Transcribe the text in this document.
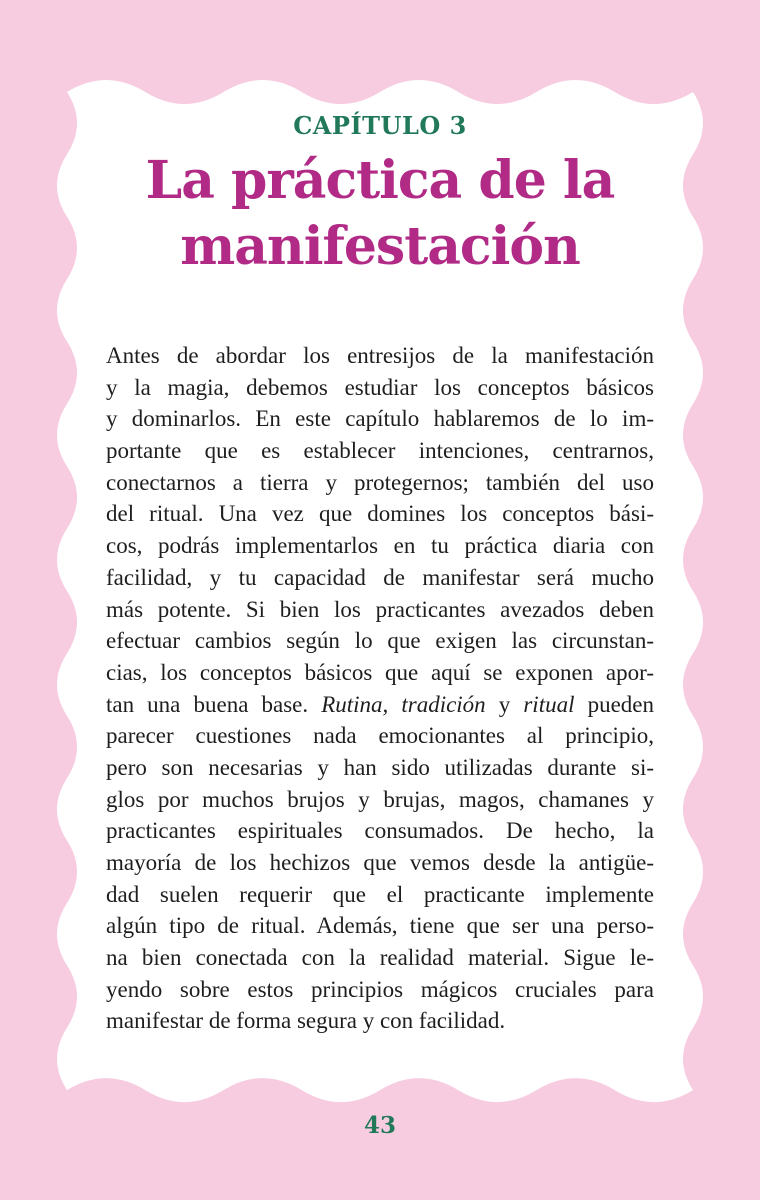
CAPÍTULO 3
La práctica de la manifestación
Antes de abordar los entresijos de la manifestación
y la magia, debemos estudiar los conceptos básicos
y dominarlos. En este capítulo hablaremos de lo im-
portante que es establecer intenciones, centrarnos,
conectarnos a tierra y protegernos; también del uso
del ritual. Una vez que domines los conceptos bási-
cos, podrás implementarlos en tu práctica diaria con
facilidad, y tu capacidad de manifestar será mucho
más potente. Si bien los practicantes avezados deben
efectuar cambios según lo que exigen las circunstan-
cias, los conceptos básicos que aquí se exponen apor-
tan una buena base. Rutina, tradición y ritual pueden
parecer cuestiones nada emocionantes al principio,
pero son necesarias y han sido utilizadas durante si-
glos por muchos brujos y brujas, magos, chamanes y
practicantes espirituales consumados. De hecho, la
mayoría de los hechizos que vemos desde la antigüe-
dad suelen requerir que el practicante implemente
algún tipo de ritual. Además, tiene que ser una perso-
na bien conectada con la realidad material. Sigue le-
yendo sobre estos principios mágicos cruciales para
manifestar de forma segura y con facilidad.
43
